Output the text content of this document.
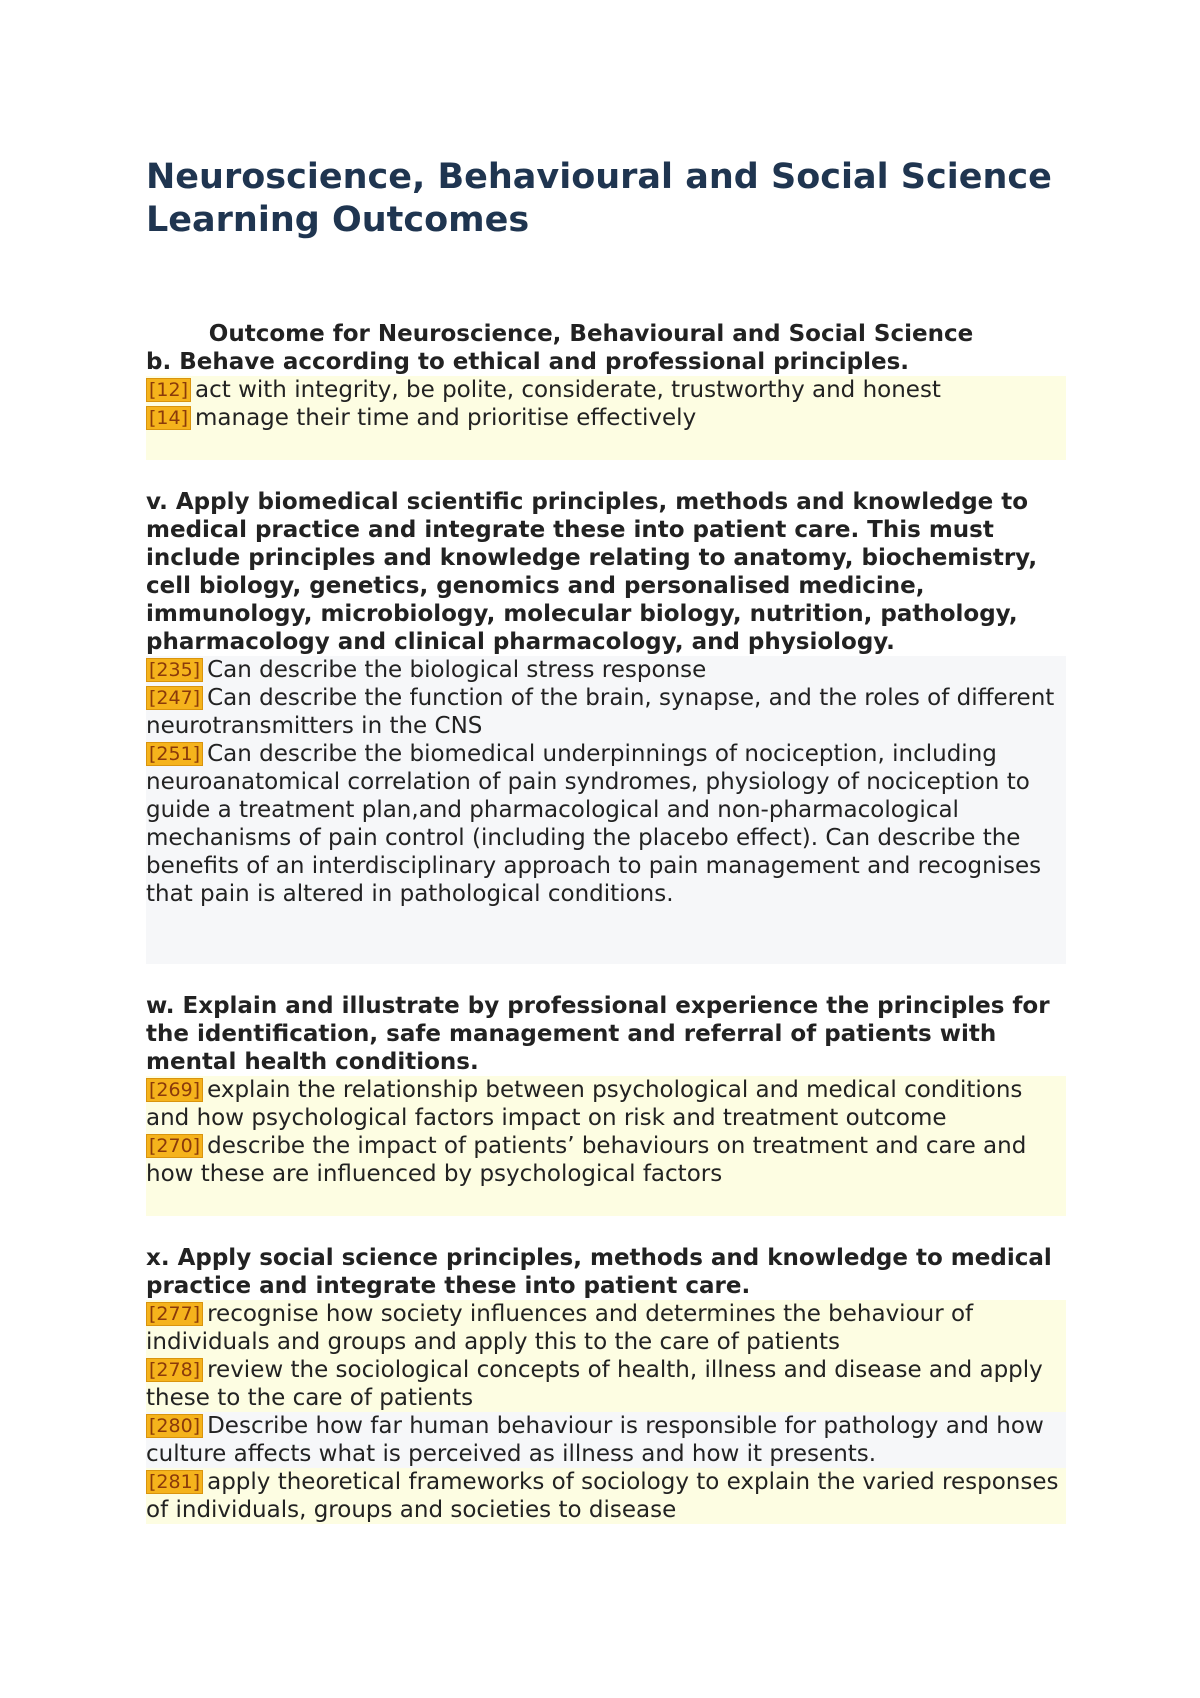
Neuroscience, Behavioural and Social Science Learning Outcomes
Outcome for Neuroscience, Behavioural and Social Science
b. Behave according to ethical and professional principles.
[12] act with integrity, be polite, considerate, trustworthy and honest
[14] manage their time and prioritise effectively
v. Apply biomedical scientific principles, methods and knowledge to medical practice and integrate these into patient care. This must include principles and knowledge relating to anatomy, biochemistry, cell biology, genetics, genomics and personalised medicine, immunology, microbiology, molecular biology, nutrition, pathology, pharmacology and clinical pharmacology, and physiology.
[235] Can describe the biological stress response
[247] Can describe the function of the brain, synapse, and the roles of different neurotransmitters in the CNS
[251] Can describe the biomedical underpinnings of nociception, including neuroanatomical correlation of pain syndromes, physiology of nociception to guide a treatment plan,and pharmacological and non-pharmacological mechanisms of pain control (including the placebo effect). Can describe the benefits of an interdisciplinary approach to pain management and recognises that pain is altered in pathological conditions.
w. Explain and illustrate by professional experience the principles for the identification, safe management and referral of patients with mental health conditions.
[269] explain the relationship between psychological and medical conditions and how psychological factors impact on risk and treatment outcome
[270] describe the impact of patients’ behaviours on treatment and care and how these are influenced by psychological factors
x. Apply social science principles, methods and knowledge to medical practice and integrate these into patient care.
[277] recognise how society influences and determines the behaviour of individuals and groups and apply this to the care of patients
[278] review the sociological concepts of health, illness and disease and apply these to the care of patients
[280] Describe how far human behaviour is responsible for pathology and how culture affects what is perceived as illness and how it presents.
[281] apply theoretical frameworks of sociology to explain the varied responses of individuals, groups and societies to disease
